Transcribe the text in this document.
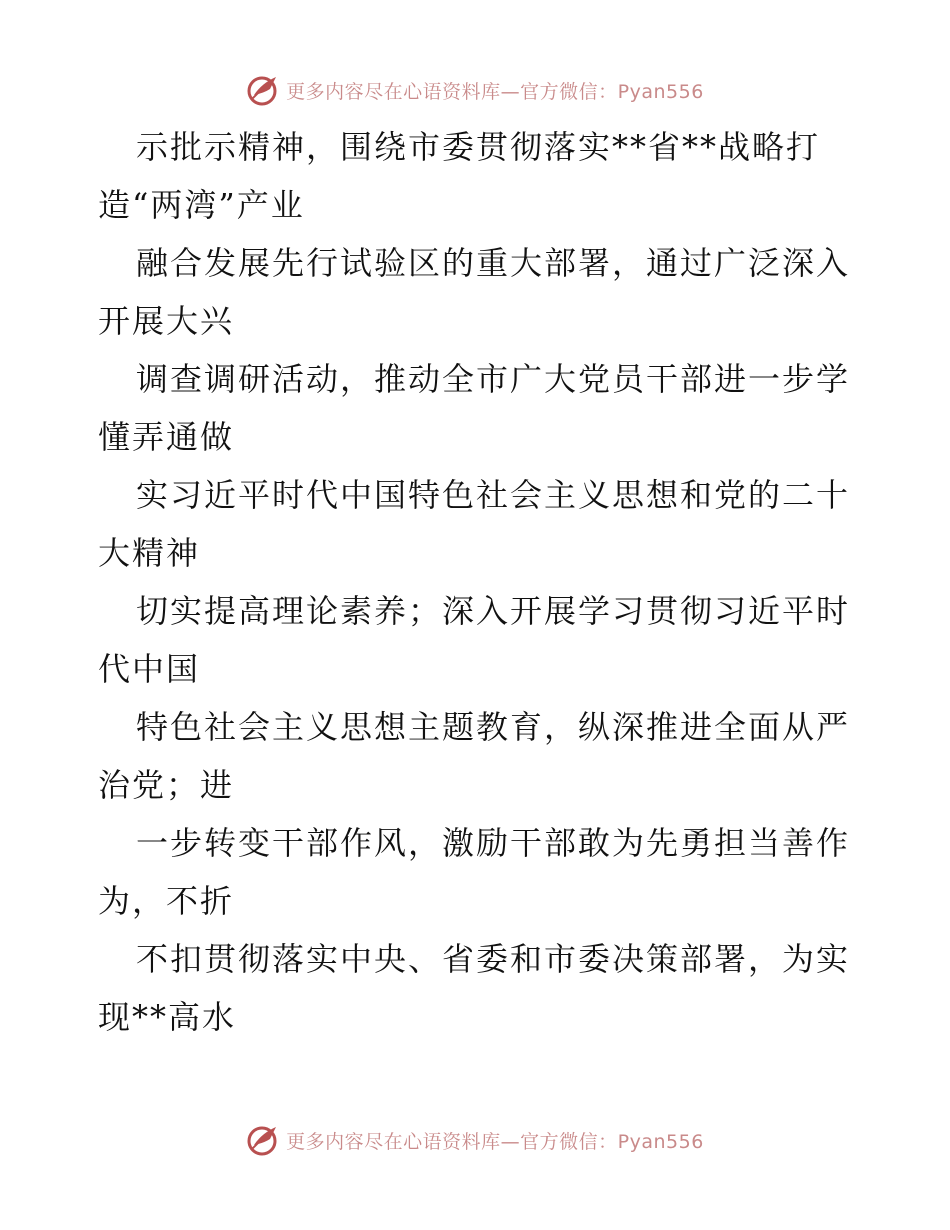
更多内容尽在心语资料库—官方微信：Pyan556

示批示精神，围绕市委贯彻落实**省**战略打
造“两湾”产业

融合发展先行试验区的重大部署，通过广泛深入
开展大兴

调查调研活动，推动全市广大党员干部进一步学
懂弄通做

实习近平时代中国特色社会主义思想和党的二十
大精神

切实提高理论素养；深入开展学习贯彻习近平时
代中国

特色社会主义思想主题教育，纵深推进全面从严
治党；进

一步转变干部作风，激励干部敢为先勇担当善作
为，不折

不扣贯彻落实中央、省委和市委决策部署，为实
现**高水

更多内容尽在心语资料库—官方微信：Pyan556
